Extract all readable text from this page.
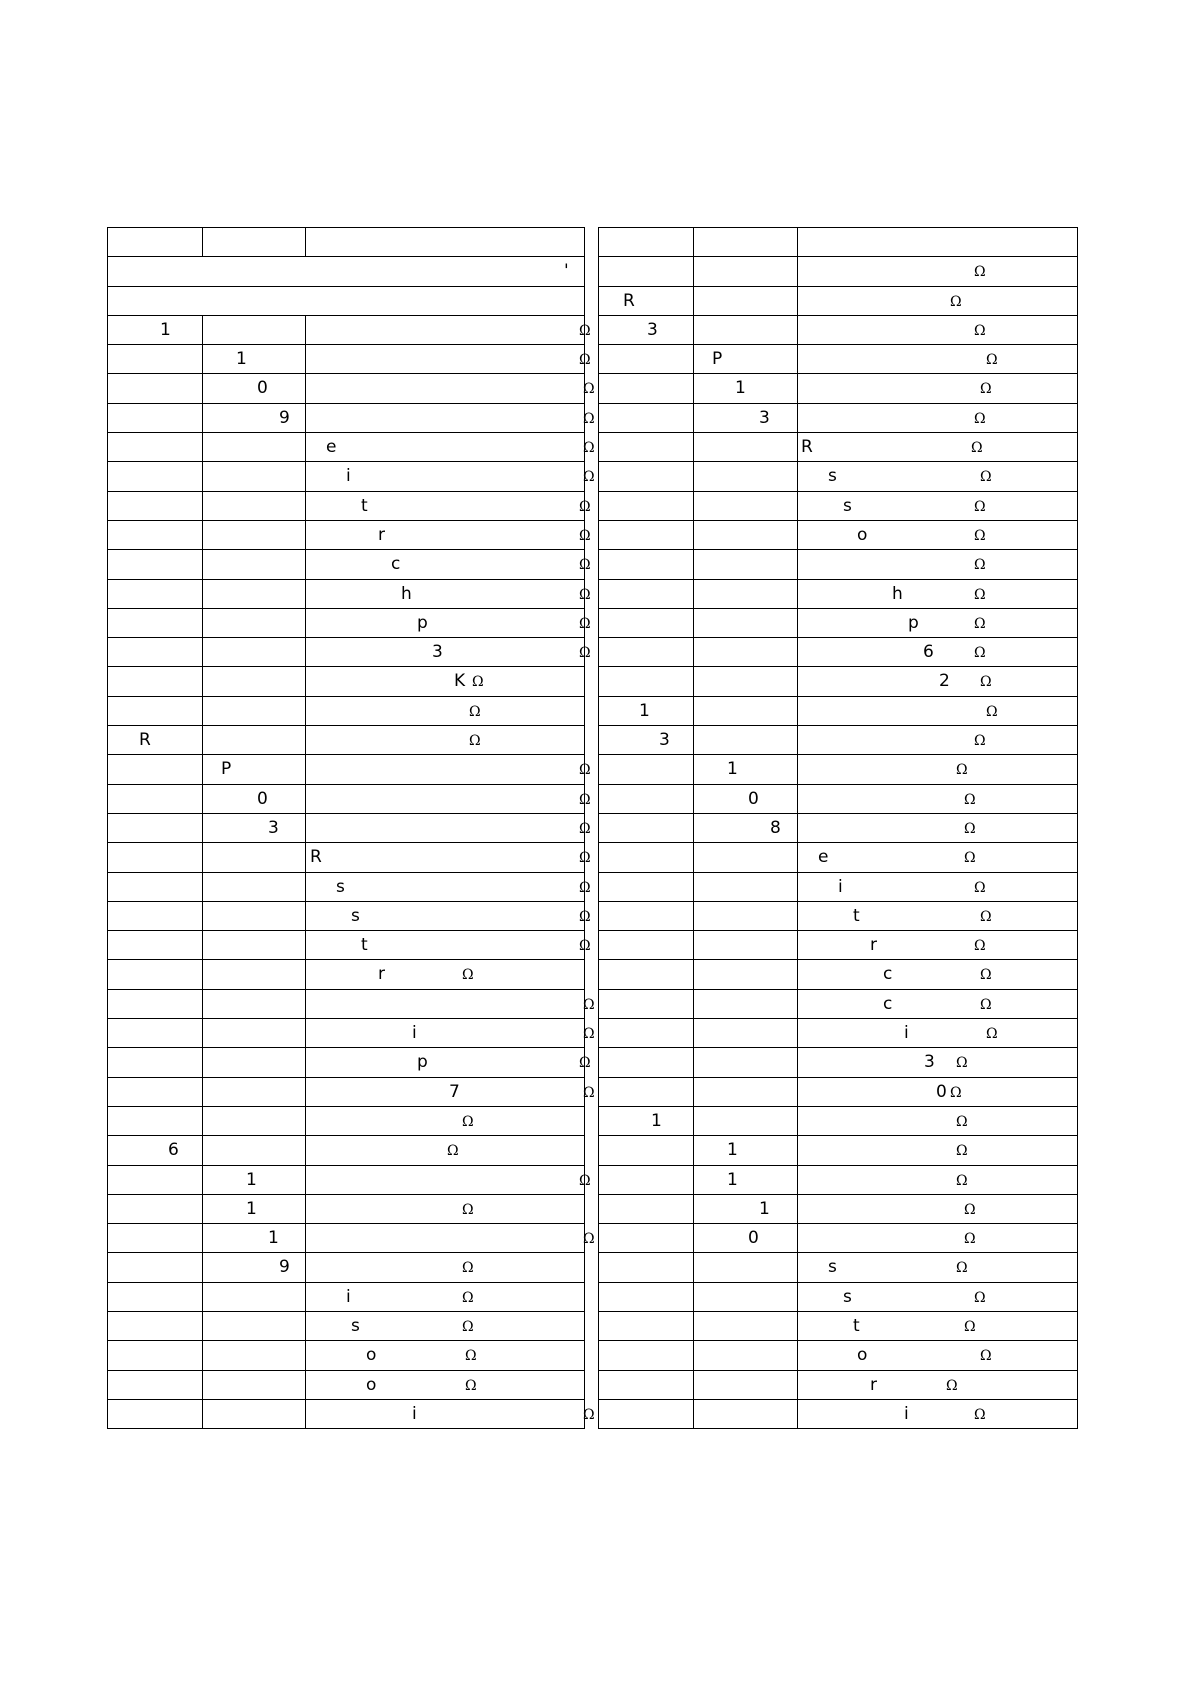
'		

1		Ω

	1	Ω

	0	Ω

	9	Ω

		e Ω

		i Ω

		t Ω

		r Ω

		c Ω

		h Ω

		p Ω

		3 Ω

		K Ω

		Ω

R		Ω

	P	Ω

	0	Ω

	3	Ω

		R Ω

		s Ω

		s Ω

		t Ω

		r Ω

		Ω

		i Ω

		p Ω

		7 Ω

		Ω

6		Ω

	1	Ω

	1	Ω

	1	Ω

	9	Ω

		i Ω

		s Ω

		o Ω

		o Ω

		i Ω

		Ω

R		Ω

3		Ω

	P	Ω

	1	Ω

	3	Ω

		R Ω

		s Ω

		s Ω

		o Ω

		Ω

		h Ω

		p Ω

		6 Ω

		2 Ω

1		Ω

3		Ω

	1	Ω

	0	Ω

	8	Ω

		e Ω

		i Ω

		t Ω

		r Ω

		c Ω

		c Ω

		i Ω

		3 Ω

		0 Ω

1		Ω

	1	Ω

	1	Ω

	1	Ω

	0	Ω

		s Ω

		s Ω

		t Ω

		o Ω

		r Ω

		i Ω
